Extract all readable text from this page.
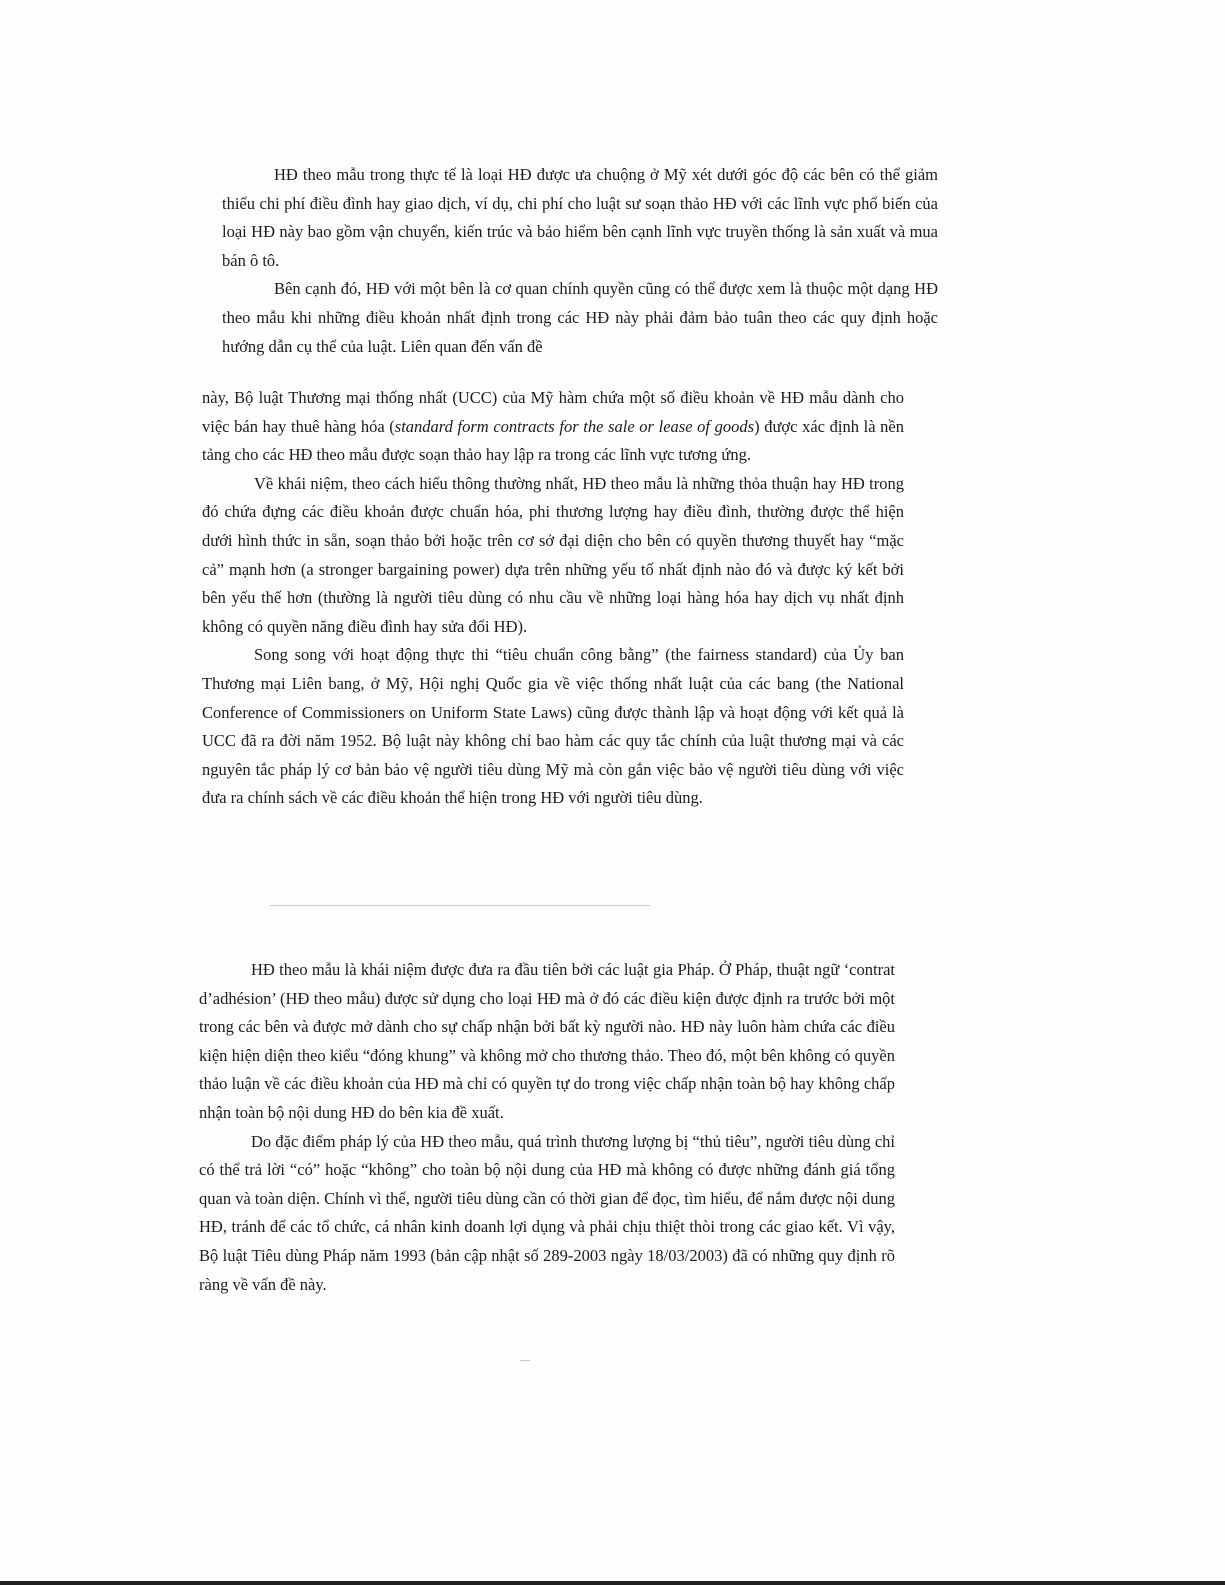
HĐ theo mẫu trong thực tế là loại HĐ được ưa chuộng ở Mỹ xét dưới góc độ các bên có thể giảm thiểu chi phí điều đình hay giao dịch, ví dụ, chi phí cho luật sư soạn thảo HĐ với các lĩnh vực phổ biến của loại HĐ này bao gồm vận chuyển, kiến trúc và bảo hiểm bên cạnh lĩnh vực truyền thống là sản xuất và mua bán ô tô.

Bên cạnh đó, HĐ với một bên là cơ quan chính quyền cũng có thể được xem là thuộc một dạng HĐ theo mẫu khi những điều khoản nhất định trong các HĐ này phải đảm bảo tuân theo các quy định hoặc hướng dẫn cụ thể của luật. Liên quan đến vấn đề

này, Bộ luật Thương mại thống nhất (UCC) của Mỹ hàm chứa một số điều khoản về HĐ mẫu dành cho việc bán hay thuê hàng hóa (standard form contracts for the sale or lease of goods) được xác định là nền tảng cho các HĐ theo mẫu được soạn thảo hay lập ra trong các lĩnh vực tương ứng.

Về khái niệm, theo cách hiểu thông thường nhất, HĐ theo mẫu là những thỏa thuận hay HĐ trong đó chứa đựng các điều khoản được chuẩn hóa, phi thương lượng hay điều đình, thường được thể hiện dưới hình thức in sẵn, soạn thảo bởi hoặc trên cơ sở đại diện cho bên có quyền thương thuyết hay “mặc cả” mạnh hơn (a stronger bargaining power) dựa trên những yếu tố nhất định nào đó và được ký kết bởi bên yếu thế hơn (thường là người tiêu dùng có nhu cầu về những loại hàng hóa hay dịch vụ nhất định không có quyền năng điều đình hay sửa đổi HĐ).

Song song với hoạt động thực thi “tiêu chuẩn công bằng” (the fairness standard) của Ủy ban Thương mại Liên bang, ở Mỹ, Hội nghị Quốc gia về việc thống nhất luật của các bang (the National Conference of Commissioners on Uniform State Laws) cũng được thành lập và hoạt động với kết quả là UCC đã ra đời năm 1952. Bộ luật này không chỉ bao hàm các quy tắc chính của luật thương mại và các nguyên tắc pháp lý cơ bản bảo vệ người tiêu dùng Mỹ mà còn gắn việc bảo vệ người tiêu dùng với việc đưa ra chính sách về các điều khoản thể hiện trong HĐ với người tiêu dùng.

HĐ theo mẫu là khái niệm được đưa ra đầu tiên bởi các luật gia Pháp. Ở Pháp, thuật ngữ ‘contrat d’adhésion’ (HĐ theo mẫu) được sử dụng cho loại HĐ mà ở đó các điều kiện được định ra trước bởi một trong các bên và được mở dành cho sự chấp nhận bởi bất kỳ người nào. HĐ này luôn hàm chứa các điều kiện hiện diện theo kiểu “đóng khung” và không mở cho thương thảo. Theo đó, một bên không có quyền thảo luận về các điều khoản của HĐ mà chỉ có quyền tự do trong việc chấp nhận toàn bộ hay không chấp nhận toàn bộ nội dung HĐ do bên kia đề xuất.

Do đặc điểm pháp lý của HĐ theo mẫu, quá trình thương lượng bị “thủ tiêu”, người tiêu dùng chỉ có thể trả lời “có” hoặc “không” cho toàn bộ nội dung của HĐ mà không có được những đánh giá tổng quan và toàn diện. Chính vì thế, người tiêu dùng cần có thời gian để đọc, tìm hiểu, để nắm được nội dung HĐ, tránh để các tổ chức, cá nhân kinh doanh lợi dụng và phải chịu thiệt thòi trong các giao kết. Vì vậy, Bộ luật Tiêu dùng Pháp năm 1993 (bản cập nhật số 289-2003 ngày 18/03/2003) đã có những quy định rõ ràng về vấn đề này.
